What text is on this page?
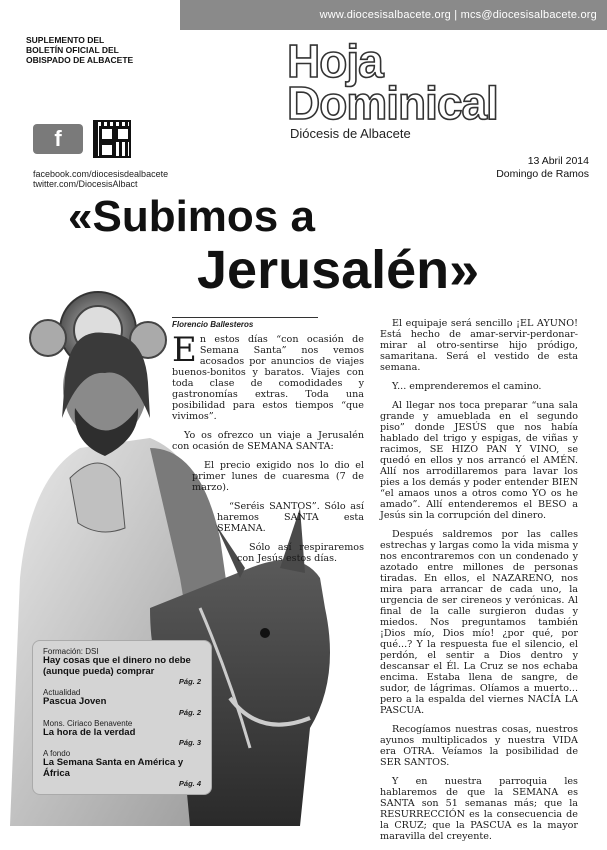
www.diocesisalbacete.org | mcs@diocesisalbacete.org
SUPLEMENTO DEL
BOLETÍN OFICIAL DEL
OBISPADO DE ALBACETE	Hoja
Dominical
Diócesis de Albacete
f
facebook.com/diocesisdealbacete
twitter.com/DiocesisAlbact
13 Abril 2014
Domingo de Ramos
«Subimos a
Jerusalén»
Florencio Ballesteros

En estos días “con ocasión de Semana Santa” nos vemos acosados por anuncios de viajes buenos-bonitos y baratos. Viajes con toda clase de comodidades y gastronomías extras. Toda una posibilidad para estos tiempos “que vivimos”.

Yo os ofrezco un viaje a Jerusalén con ocasión de SEMANA SANTA:

El precio exigido nos lo dio el primer lunes de cuaresma (7 de marzo).

“Seréis SANTOS”. Sólo así haremos SANTA esta SEMANA.

Sólo así respiraremos con Jesús estos días.

El equipaje será sencillo ¡EL AYUNO! Está hecho de amar-servir-perdonar-mirar al otro-sentirse hijo pródigo, samaritana. Será el vestido de esta semana.

Y... emprenderemos el camino.

Al llegar nos toca preparar “una sala grande y amueblada en el segundo piso” donde JESÚS que nos había hablado del trigo y espigas, de viñas y racimos, SE HIZO PAN Y VINO, se quedó en ellos y nos arrancó el AMÉN. Allí nos arrodillaremos para lavar los pies a los demás y poder entender BIEN “el amaos unos a otros como YO os he amado”. Allí entenderemos el BESO a Jesús sin la corrupción del dinero.

Después saldremos por las calles estrechas y largas como la vida misma y nos encontraremos con un condenado y azotado entre millones de personas tiradas. En ellos, el NAZARENO, nos mira para arrancar de cada uno, la urgencia de ser cireneos y verónicas. Al final de la calle surgieron dudas y miedos. Nos preguntamos también ¡Dios mío, Dios mío! ¿por qué, por qué...? Y la respuesta fue el silencio, el perdón, el sentir a Dios dentro y descansar el Él. La Cruz se nos echaba encima. Estaba llena de sangre, de sudor, de lágrimas. Olíamos a muerto... pero a la espalda del viernes NACÍA LA PASCUA.

Recogíamos nuestras cosas, nuestros ayunos multiplicados y nuestra VIDA era OTRA. Veíamos la posibilidad de SER SANTOS.

Y en nuestra parroquia les hablaremos de que la SEMANA es SANTA son 51 semanas más; que la RESURRECCIÓN es la consecuencia de la CRUZ; que la PASCUA es la mayor maravilla del creyente.

Formación: DSI
Hay cosas que el dinero no debe (aunque pueda) comprar
Pág. 2
Actualidad
Pascua Joven
Pág. 2
Mons. Ciriaco Benavente
La hora de la verdad
Pág. 3
A fondo
La Semana Santa en América y África
Pág. 4
